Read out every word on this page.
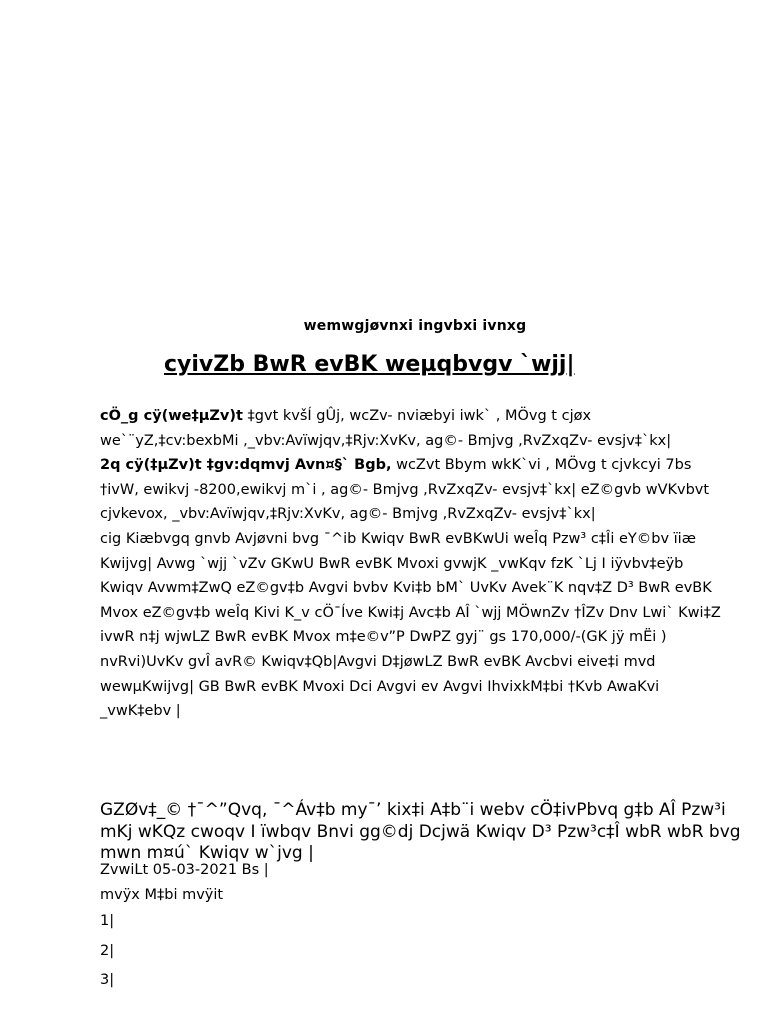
wemwgjøvnxi ingvbxi ivnxg
cyivZb BwR evBK weµqbvgv `wjj|

cÖ_g cÿ(we‡µZv)t ‡gvt kvšÍ gÛj, wcZv- nviæbyi iwk` , MÖvg t cjøx we`¨yZ,‡cv:bexbMi ,_vbv:Avïwjqv,‡Rjv:XvKv, ag©- Bmjvg ,RvZxqZv- evsjv‡`kx|

2q cÿ(‡µZv)t ‡gv:dqmvj Avn¤§` Bgb, wcZvt Bbym wkK`vi , MÖvg t cjvkcyi 7bs †ivW, ewikvj -8200,ewikvj m`i , ag©- Bmjvg ,RvZxqZv- evsjv‡`kx| eZ©gvb wVKvbvt cjvkevox, _vbv:Avïwjqv,‡Rjv:XvKv, ag©- Bmjvg ,RvZxqZv- evsjv‡`kx|

cig Kiæbvgq gnvb Avjøvni bvg ¯^ib Kwiqv BwR evBKwUi weÎq Pzw³ c‡Îi eY©bv ïiæ Kwijvg| Avwg `wjj `vZv GKwU BwR evBK Mvoxi gvwjK _vwKqv fzK `Lj I iÿvbv‡eÿb Kwiqv Avwm‡ZwQ eZ©gv‡b Avgvi bvbv Kvi‡b bM` UvKv Avek¨K nqv‡Z D³ BwR evBK Mvox eZ©gv‡b weÎq Kivi K_v cÖ¯Íve Kwi‡j Avc‡b AÎ `wjj MÖwnZv †ÎZv Dnv Lwi` Kwi‡Z ivwR n‡j wjwLZ BwR evBK Mvox m‡e©v”P DwPZ gyj¨ gs 170,000/-(GK jÿ mËi ) nvRvi)UvKv gvÎ avR© Kwiqv‡Qb|Avgvi D‡jøwLZ BwR evBK Avcbvi eive‡i mvd wewµKwijvg| GB BwR evBK Mvoxi Dci Avgvi ev Avgvi IhvixkM‡bi †Kvb AwaKvi _vwK‡ebv |

GZØv‡_© †¯^”Qvq, ¯^Áv‡b my¯’ kix‡i A‡b¨i webv cÖ‡ivPbvq g‡b AÎ Pzw³i mKj wKQz cwoqv I ïwbqv Bnvi gg©dj Dcjwä Kwiqv D³ Pzw³c‡Î wbR wbR bvg mwn m¤ú` Kwiqv w`jvg |

ZvwiLt 05-03-2021 Bs |
mvÿx M‡bi mvÿit
1|
2|
3|
